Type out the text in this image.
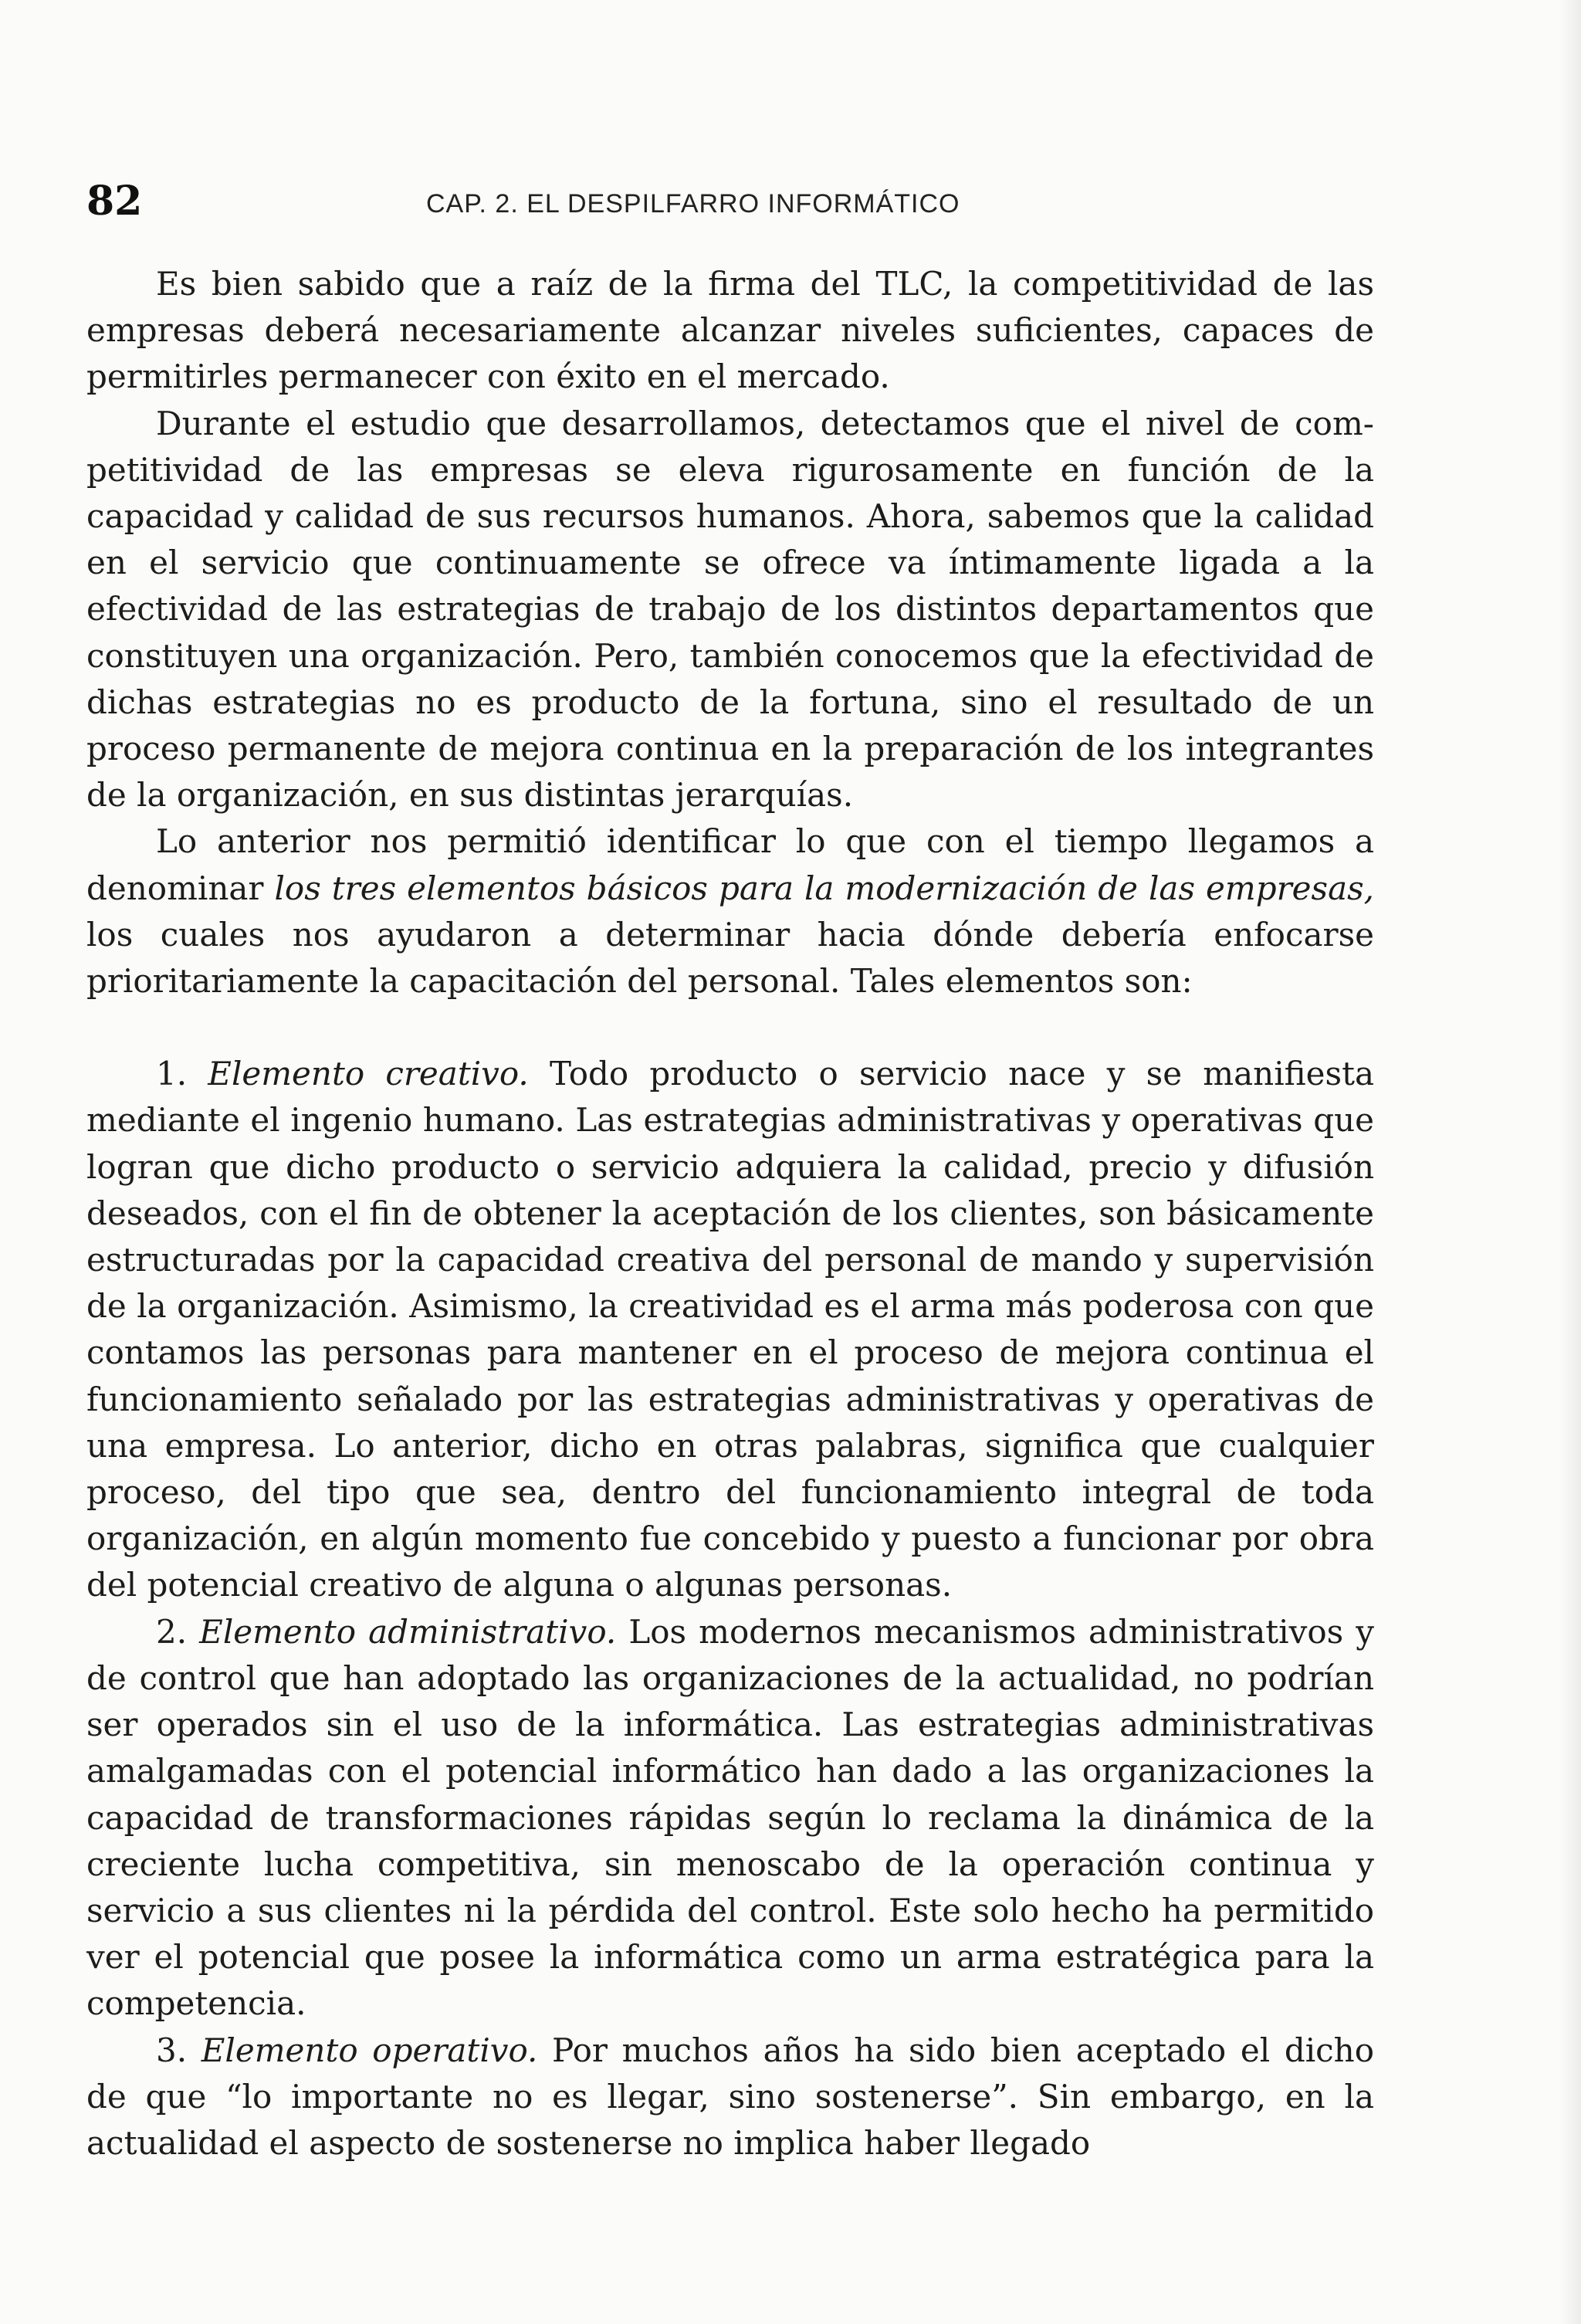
82	CAP. 2. EL DESPILFARRO INFORMÁTICO

Es bien sabido que a raíz de la firma del TLC, la competitividad de las empresas deberá necesariamente alcanzar niveles suficientes, capaces de permitirles permanecer con éxito en el mercado.

Durante el estudio que desarrollamos, detectamos que el nivel de competitividad de las empresas se eleva rigurosamente en función de la capacidad y calidad de sus recursos humanos. Ahora, sabemos que la calidad en el servicio que continuamente se ofrece va íntimamente ligada a la efectividad de las estrategias de trabajo de los distintos departamentos que constituyen una organización. Pero, también conocemos que la efectividad de dichas estrategias no es producto de la fortuna, sino el resultado de un proceso permanente de mejora continua en la preparación de los integrantes de la organización, en sus distintas jerarquías.

Lo anterior nos permitió identificar lo que con el tiempo llegamos a denominar los tres elementos básicos para la modernización de las empresas, los cuales nos ayudaron a determinar hacia dónde debería enfocarse prioritariamente la capacitación del personal. Tales elementos son:

1. Elemento creativo. Todo producto o servicio nace y se manifiesta mediante el ingenio humano. Las estrategias administrativas y operativas que logran que dicho producto o servicio adquiera la calidad, precio y difusión deseados, con el fin de obtener la aceptación de los clientes, son básicamente estructuradas por la capacidad creativa del personal de mando y supervisión de la organización. Asimismo, la creatividad es el arma más poderosa con que contamos las personas para mantener en el proceso de mejora continua el funcionamiento señalado por las estrategias administrativas y operativas de una empresa. Lo anterior, dicho en otras palabras, significa que cualquier proceso, del tipo que sea, dentro del funcionamiento integral de toda organización, en algún momento fue concebido y puesto a funcionar por obra del potencial creativo de alguna o algunas personas.

2. Elemento administrativo. Los modernos mecanismos administrativos y de control que han adoptado las organizaciones de la actualidad, no podrían ser operados sin el uso de la informática. Las estrategias administrativas amalgamadas con el potencial informático han dado a las organizaciones la capacidad de transformaciones rápidas según lo reclama la dinámica de la creciente lucha competitiva, sin menoscabo de la operación continua y servicio a sus clientes ni la pérdida del control. Este solo hecho ha permitido ver el potencial que posee la informática como un arma estratégica para la competencia.

3. Elemento operativo. Por muchos años ha sido bien aceptado el dicho de que “lo importante no es llegar, sino sostenerse”. Sin embargo, en la actualidad el aspecto de sostenerse no implica haber llegado
